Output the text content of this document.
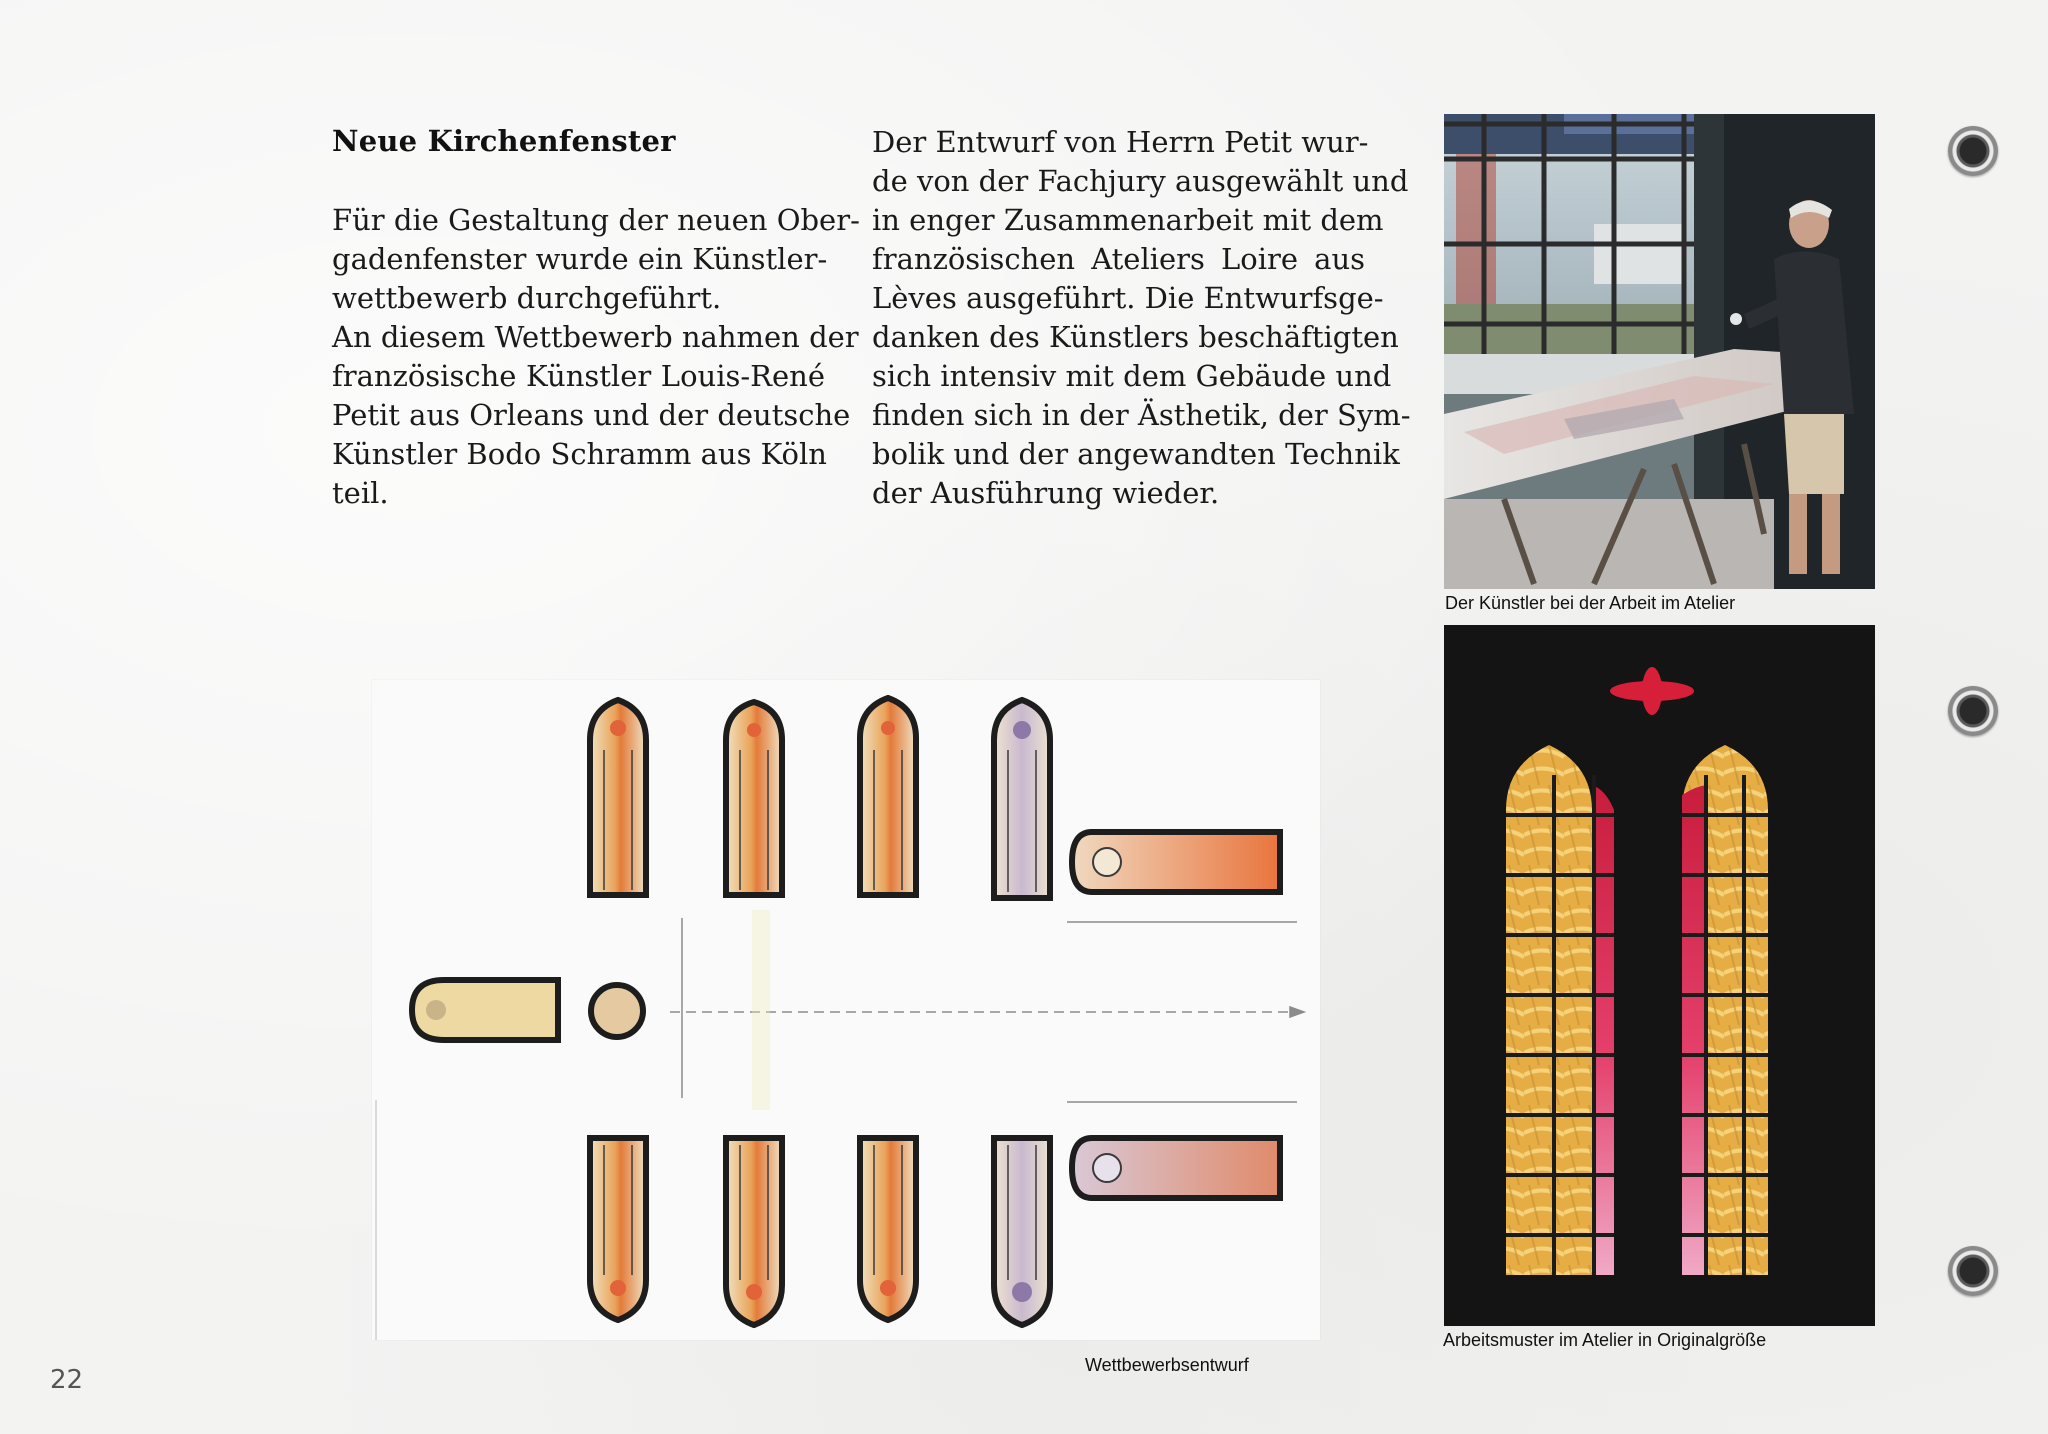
Neue Kirchenfenster
Für die Gestaltung der neuen Ober-
gadenfenster wurde ein Künstler-
wettbewerb durchgeführt.
An diesem Wettbewerb nahmen der
französische Künstler Louis-René
Petit aus Orleans und der deutsche
Künstler Bodo Schramm aus Köln
teil.
Der Entwurf von Herrn Petit wur-
de von der Fachjury ausgewählt und
in enger Zusammenarbeit mit dem
französischen Ateliers Loire aus
Lèves ausgeführt. Die Entwurfsge-
danken des Künstlers beschäftigten
sich intensiv mit dem Gebäude und
finden sich in der Ästhetik, der Sym-
bolik und der angewandten Technik
der Ausführung wieder.
Der Künstler bei der Arbeit im Atelier
Arbeitsmuster im Atelier in Originalgröße
Wettbewerbsentwurf
22
